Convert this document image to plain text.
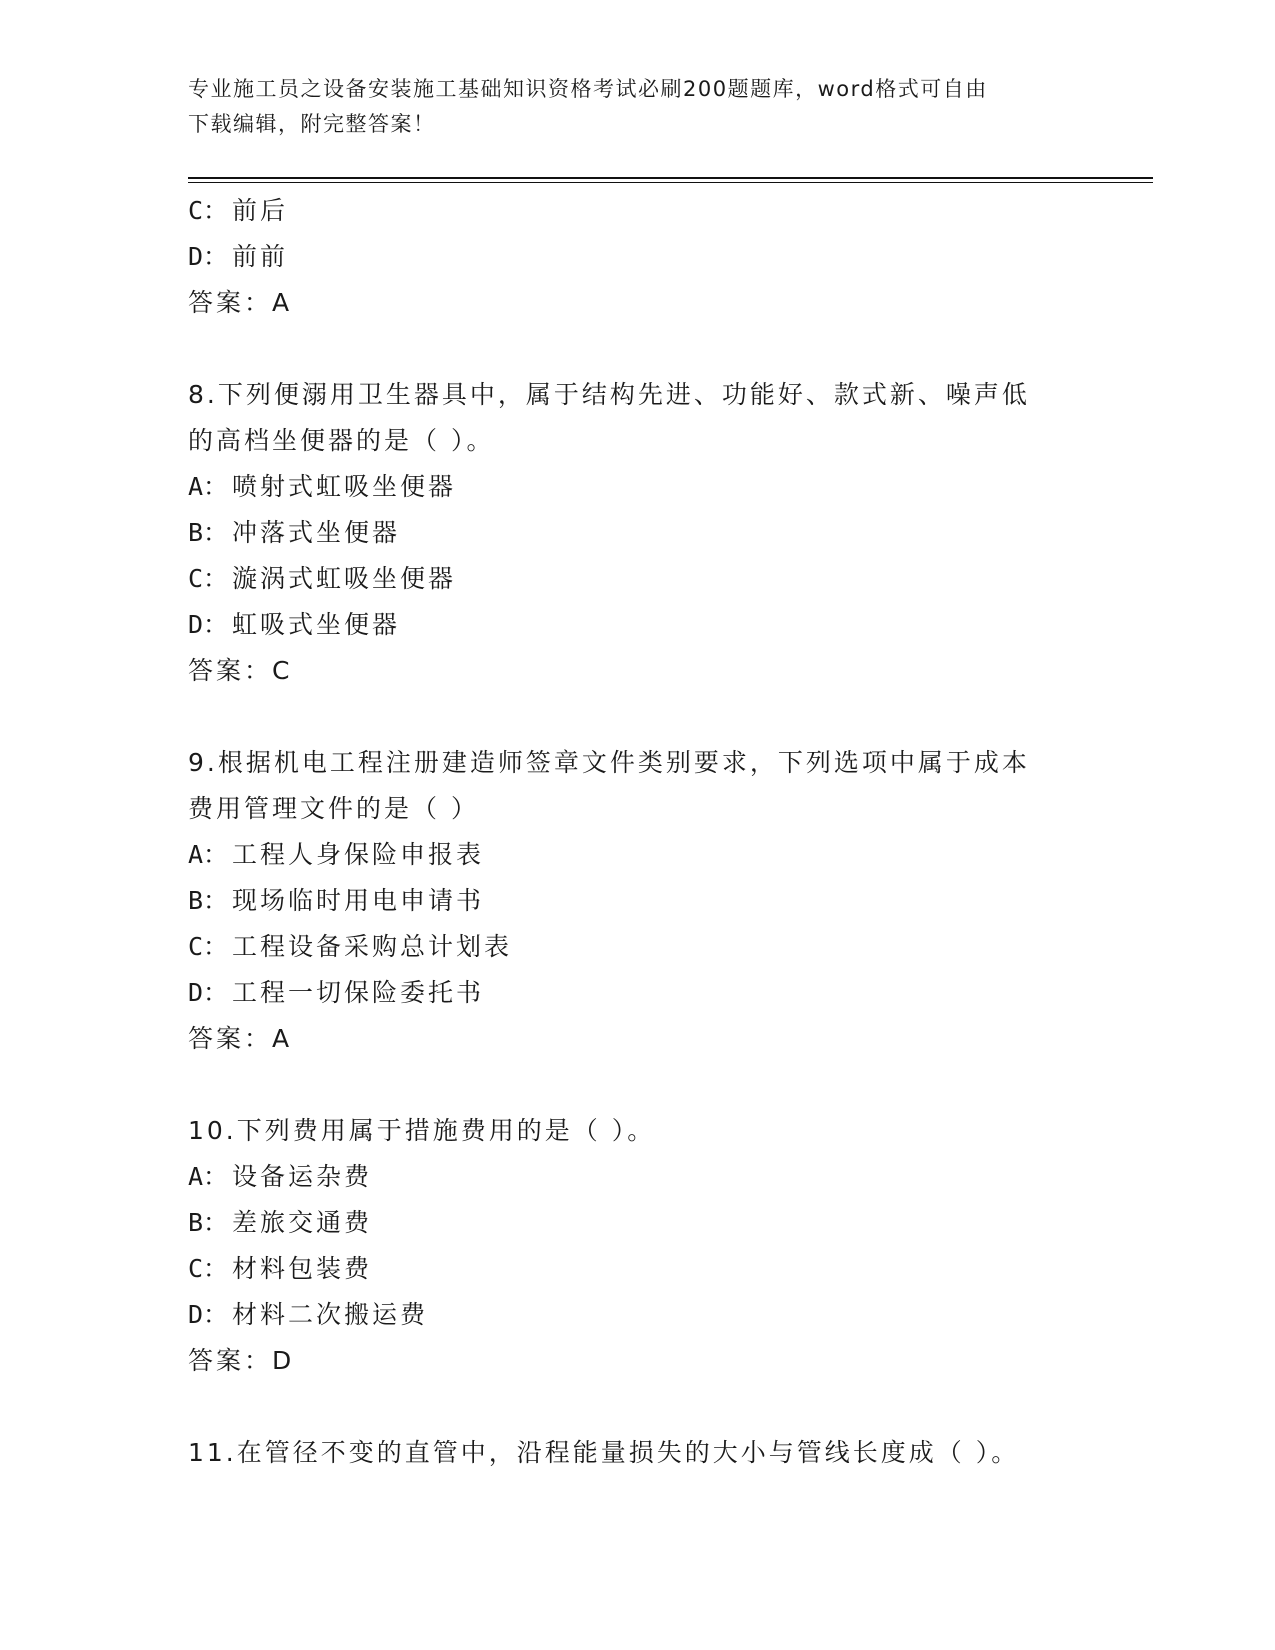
专业施工员之设备安装施工基础知识资格考试必刷200题题库，word格式可自由
下载编辑，附完整答案！
C： 前后
D： 前前
答案：A
8.下列便溺用卫生器具中，属于结构先进、功能好、款式新、噪声低
的高档坐便器的是（ ）。
A： 喷射式虹吸坐便器
B： 冲落式坐便器
C： 漩涡式虹吸坐便器
D： 虹吸式坐便器
答案：C
9.根据机电工程注册建造师签章文件类别要求，下列选项中属于成本
费用管理文件的是（ ）
A： 工程人身保险申报表
B： 现场临时用电申请书
C： 工程设备采购总计划表
D： 工程一切保险委托书
答案：A
10.下列费用属于措施费用的是（ ）。
A： 设备运杂费
B： 差旅交通费
C： 材料包装费
D： 材料二次搬运费
答案：D
11.在管径不变的直管中，沿程能量损失的大小与管线长度成（ ）。
